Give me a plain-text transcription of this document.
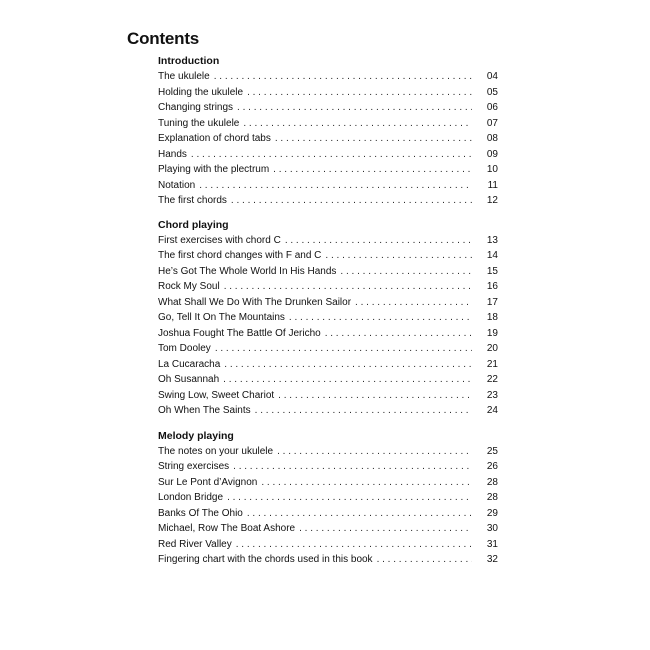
Contents
Introduction
The ukulele . . .	04
Holding the ukulele . . .	05
Changing strings . . .	06
Tuning the ukulele . . .	07
Explanation of chord tabs . . .	08
Hands . . .	09
Playing with the plectrum . . .	10
Notation . . .	11
The first chords . . .	12
Chord playing
First exercises with chord C . . .	13
The first chord changes with F and C . . .	14
He’s Got The Whole World In His Hands . . .	15
Rock My Soul . . .	16
What Shall We Do With The Drunken Sailor . . .	17
Go, Tell It On The Mountains . . .	18
Joshua Fought The Battle Of Jericho . . .	19
Tom Dooley . . .	20
La Cucaracha . . .	21
Oh Susannah . . .	22
Swing Low, Sweet Chariot . . .	23
Oh When The Saints . . .	24
Melody playing
The notes on your ukulele . . .	25
String exercises . . .	26
Sur Le Pont d’Avignon . . .	28
London Bridge . . .	28
Banks Of The Ohio . . .	29
Michael, Row The Boat Ashore . . .	30
Red River Valley . . .	31
Fingering chart with the chords used in this book . . .	32
